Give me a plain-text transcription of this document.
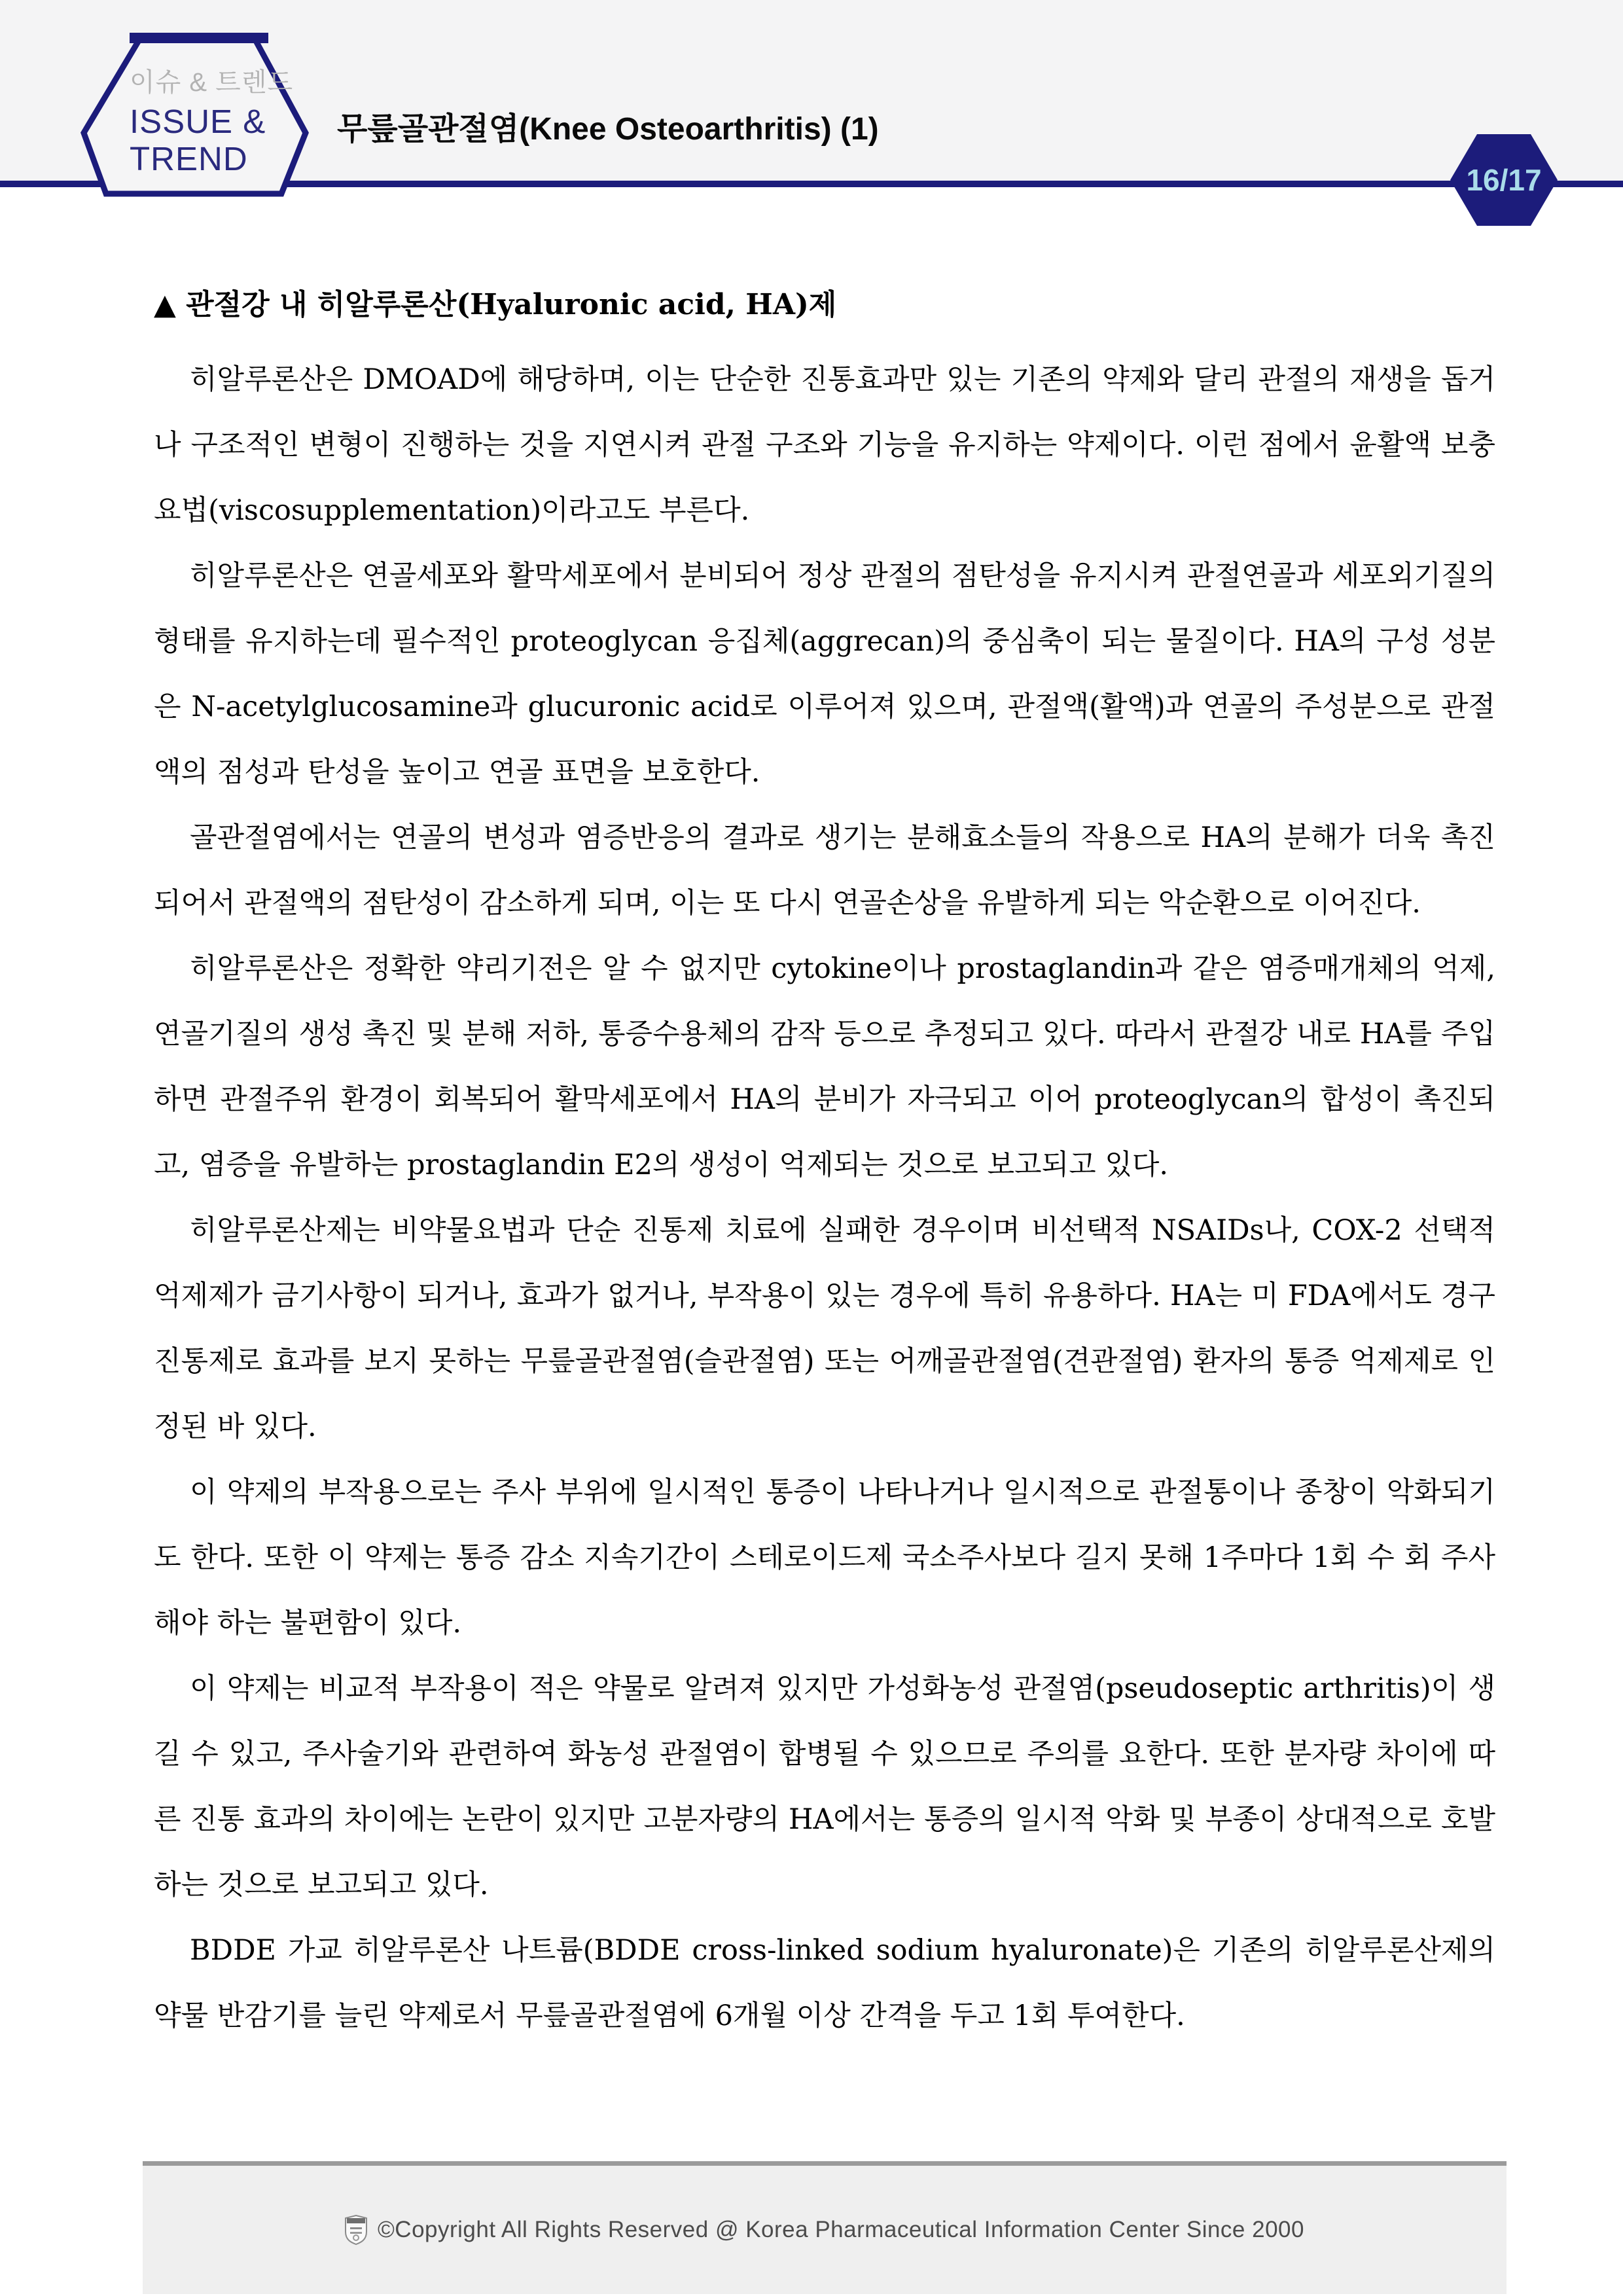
이슈 & 트렌드
ISSUE &
TREND
무릎골관절염(Knee Osteoarthritis) (1)
16/17
▲ 관절강 내 히알루론산(Hyaluronic acid, HA)제

히알루론산은 DMOAD에 해당하며, 이는 단순한 진통효과만 있는 기존의 약제와 달리 관절의 재생을 돕거나 구조적인 변형이 진행하는 것을 지연시켜 관절 구조와 기능을 유지하는 약제이다. 이런 점에서 윤활액 보충요법(viscosupplementation)이라고도 부른다.

히알루론산은 연골세포와 활막세포에서 분비되어 정상 관절의 점탄성을 유지시켜 관절연골과 세포외기질의 형태를 유지하는데 필수적인 proteoglycan 응집체(aggrecan)의 중심축이 되는 물질이다. HA의 구성 성분은 N-acetylglucosamine과 glucuronic acid로 이루어져 있으며, 관절액(활액)과 연골의 주성분으로 관절액의 점성과 탄성을 높이고 연골 표면을 보호한다.

골관절염에서는 연골의 변성과 염증반응의 결과로 생기는 분해효소들의 작용으로 HA의 분해가 더욱 촉진되어서 관절액의 점탄성이 감소하게 되며, 이는 또 다시 연골손상을 유발하게 되는 악순환으로 이어진다.

히알루론산은 정확한 약리기전은 알 수 없지만 cytokine이나 prostaglandin과 같은 염증매개체의 억제, 연골기질의 생성 촉진 및 분해 저하, 통증수용체의 감작 등으로 추정되고 있다. 따라서 관절강 내로 HA를 주입하면 관절주위 환경이 회복되어 활막세포에서 HA의 분비가 자극되고 이어 proteoglycan의 합성이 촉진되고, 염증을 유발하는 prostaglandin E2의 생성이 억제되는 것으로 보고되고 있다.

히알루론산제는 비약물요법과 단순 진통제 치료에 실패한 경우이며 비선택적 NSAIDs나, COX-2 선택적 억제제가 금기사항이 되거나, 효과가 없거나, 부작용이 있는 경우에 특히 유용하다. HA는 미 FDA에서도 경구 진통제로 효과를 보지 못하는 무릎골관절염(슬관절염) 또는 어깨골관절염(견관절염) 환자의 통증 억제제로 인정된 바 있다.

이 약제의 부작용으로는 주사 부위에 일시적인 통증이 나타나거나 일시적으로 관절통이나 종창이 악화되기도 한다. 또한 이 약제는 통증 감소 지속기간이 스테로이드제 국소주사보다 길지 못해 1주마다 1회 수 회 주사해야 하는 불편함이 있다.

이 약제는 비교적 부작용이 적은 약물로 알려져 있지만 가성화농성 관절염(pseudoseptic arthritis)이 생길 수 있고, 주사술기와 관련하여 화농성 관절염이 합병될 수 있으므로 주의를 요한다. 또한 분자량 차이에 따른 진통 효과의 차이에는 논란이 있지만 고분자량의 HA에서는 통증의 일시적 악화 및 부종이 상대적으로 호발하는 것으로 보고되고 있다.

BDDE 가교 히알루론산 나트륨(BDDE cross-linked sodium hyaluronate)은 기존의 히알루론산제의 약물 반감기를 늘린 약제로서 무릎골관절염에 6개월 이상 간격을 두고 1회 투여한다.

©Copyright All Rights Reserved @ Korea Pharmaceutical Information Center Since 2000
